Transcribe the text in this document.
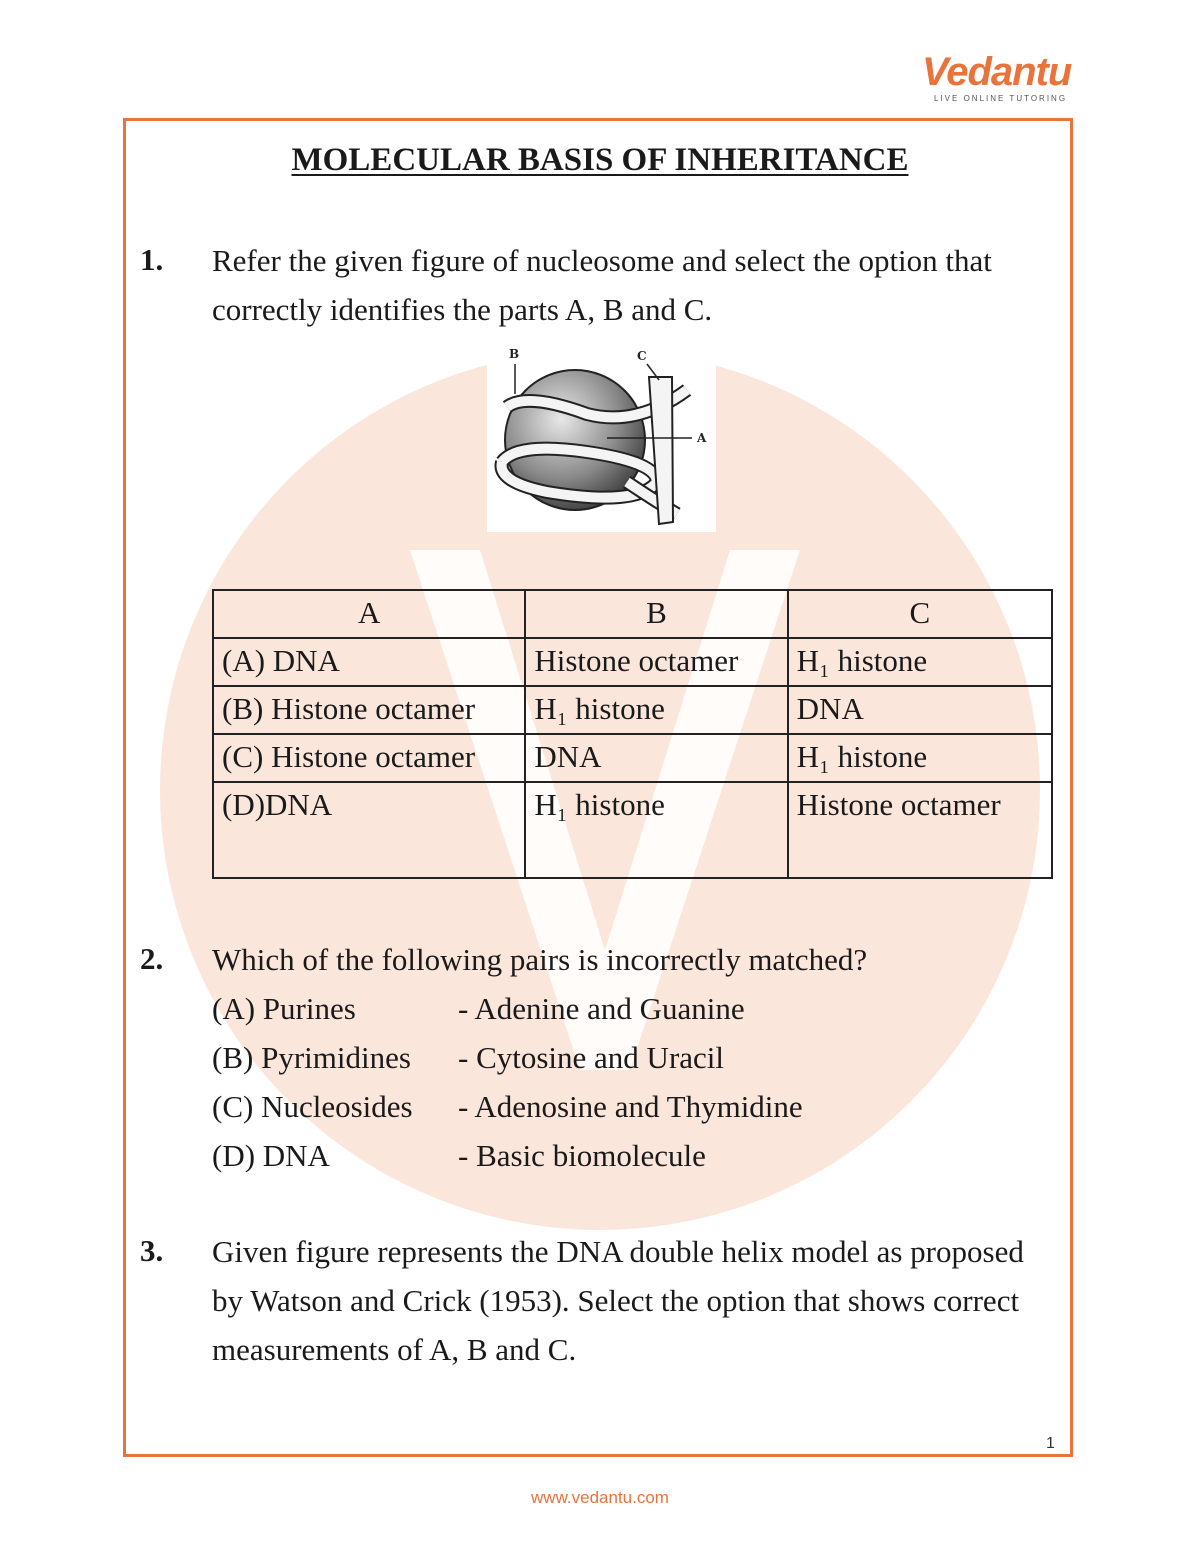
Vedantu
LIVE ONLINE TUTORING
MOLECULAR BASIS OF INHERITANCE
1. Refer the given figure of nucleosome and select the option that correctly identifies the parts A, B and C.
B	C
A
A	B	C
(A) DNA	Histone octamer	H₁ histone
(B) Histone octamer	H₁ histone	DNA
(C) Histone octamer	DNA	H₁ histone
(D)DNA	H₁ histone	Histone octamer
2. Which of the following pairs is incorrectly matched?
(A) Purines	- Adenine and Guanine
(B) Pyrimidines	- Cytosine and Uracil
(C) Nucleosides	- Adenosine and Thymidine
(D) DNA	- Basic biomolecule
3. Given figure represents the DNA double helix model as proposed by Watson and Crick (1953). Select the option that shows correct measurements of A, B and C.
1
www.vedantu.com
